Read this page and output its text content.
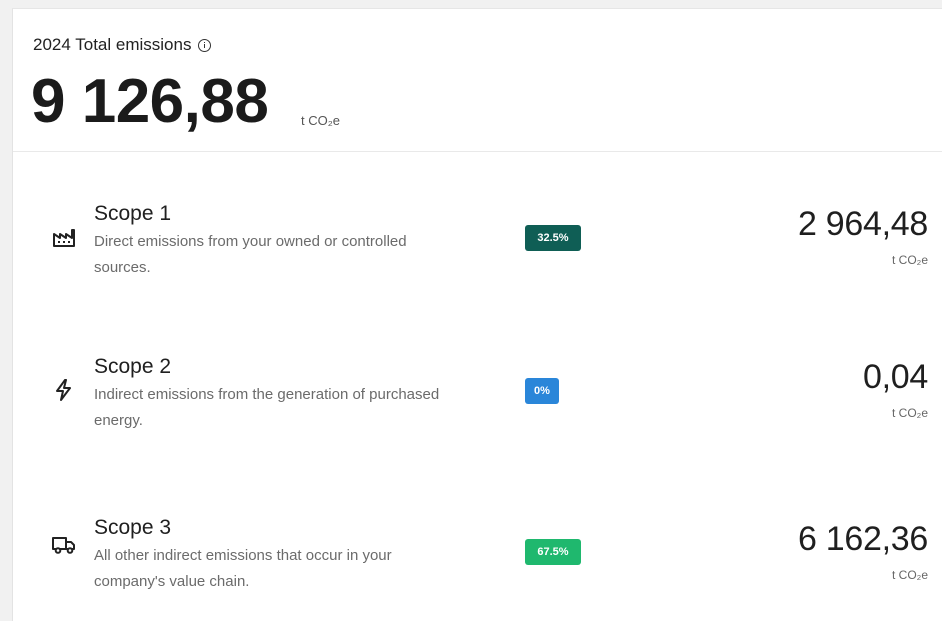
2024 Total emissions
9 126,88	t CO₂e
Scope 1
Direct emissions from your owned or controlled
sources.
32.5%	2 964,48
t CO₂e
Scope 2
Indirect emissions from the generation of purchased
energy.
0%	0,04
t CO₂e
Scope 3
All other indirect emissions that occur in your
company's value chain.
67.5%	6 162,36
t CO₂e
